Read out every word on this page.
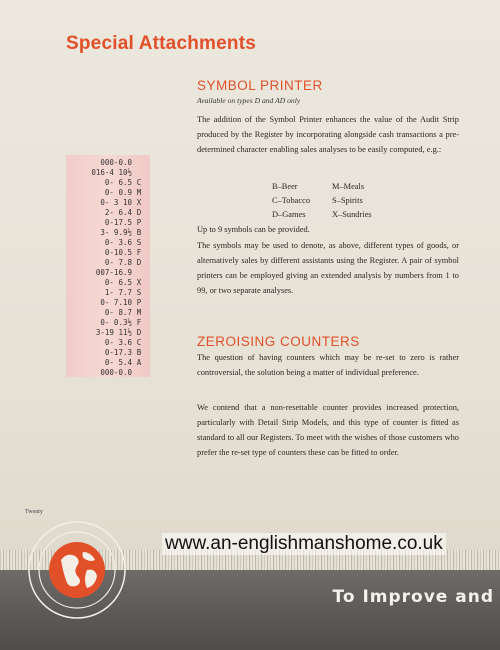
Special Attachments
000-0.0
016-4 10½
0- 6.5 C
0- 0.9 M
0- 3 10 X
2- 6.4 D
0-17.5 P
3- 9.9½ B
0- 3.6 S
0-10.5 F
0- 7.8 D
007-16.9
0- 6.5 X
1- 7.7 S
0- 7.10 P
0- 8.7 M
0- 0.3½ F
3-19 11½ D
0- 3.6 C
0-17.3 B
0- 5.4 A
000-0.0
SYMBOL PRINTER
Available on types D and AD only

The addition of the Symbol Printer enhances the value of the Audit Strip produced by the Register by incorporating alongside cash transactions a pre-determined character enabling sales analyses to be easily computed, e.g.:

B–Beer	M–Meals
C–Tobacco	S–Spirits
D–Games	X–Sundries

Up to 9 symbols can be provided.

The symbols may be used to denote, as above, different types of goods, or alternatively sales by different assistants using the Register. A pair of symbol printers can be employed giving an extended analysis by numbers from 1 to 99, or two separate analyses.

ZEROISING COUNTERS

The question of having counters which may be re-set to zero is rather controversial, the solution being a matter of individual preference.

We contend that a non-resettable counter provides increased protection, particularly with Detail Strip Models, and this type of counter is fitted as standard to all our Registers. To meet with the wishes of those customers who prefer the re-set type of counters these can be fitted to order.

Twenty
www.an-englishmanshome.co.uk
To Improve and
